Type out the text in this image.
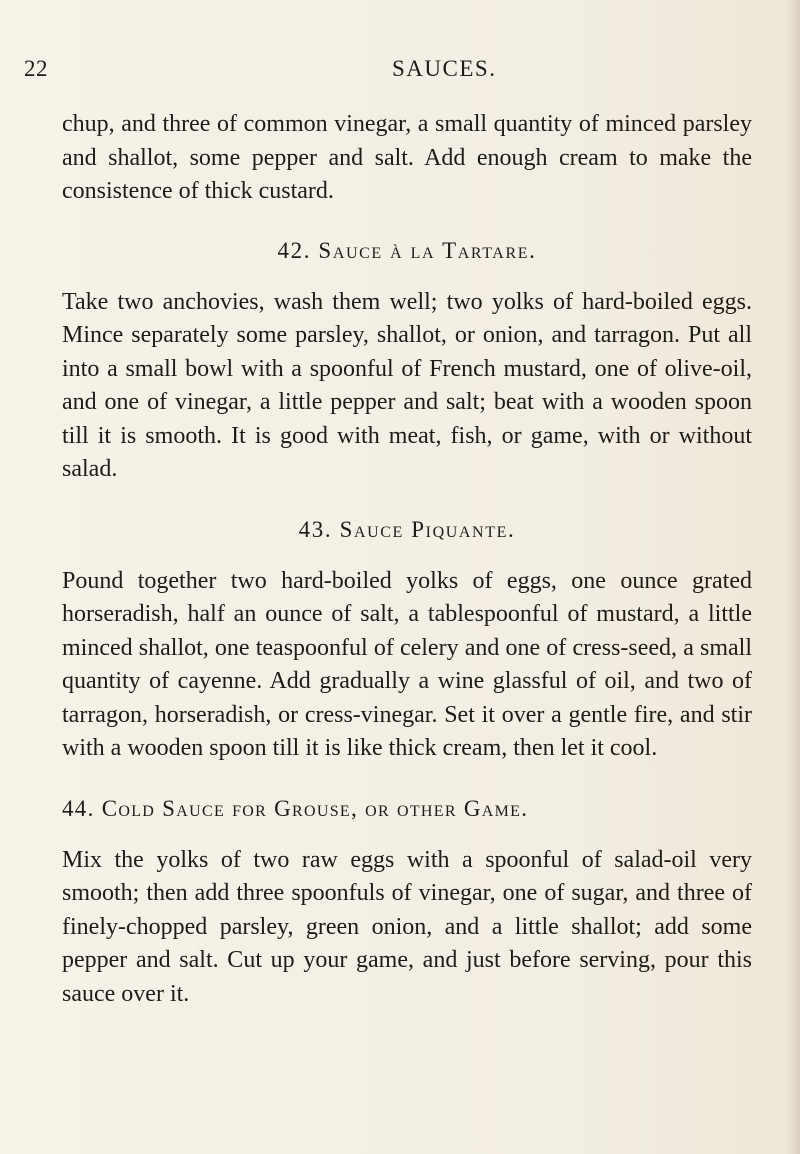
22	SAUCES.

chup, and three of common vinegar, a small quantity of minced parsley and shallot, some pepper and salt. Add enough cream to make the consistence of thick custard.

42. Sauce à la Tartare.

Take two anchovies, wash them well; two yolks of hard-boiled eggs. Mince separately some parsley, shallot, or onion, and tarragon. Put all into a small bowl with a spoonful of French mustard, one of olive-oil, and one of vinegar, a little pepper and salt; beat with a wooden spoon till it is smooth. It is good with meat, fish, or game, with or without salad.

43. Sauce Piquante.

Pound together two hard-boiled yolks of eggs, one ounce grated horseradish, half an ounce of salt, a tablespoonful of mustard, a little minced shallot, one teaspoonful of celery and one of cress-seed, a small quantity of cayenne. Add gradually a wine glassful of oil, and two of tarragon, horseradish, or cress-vinegar. Set it over a gentle fire, and stir with a wooden spoon till it is like thick cream, then let it cool.

44. Cold Sauce for Grouse, or other Game.

Mix the yolks of two raw eggs with a spoonful of salad-oil very smooth; then add three spoonfuls of vinegar, one of sugar, and three of finely-chopped parsley, green onion, and a little shallot; add some pepper and salt. Cut up your game, and just before serving, pour this sauce over it.
